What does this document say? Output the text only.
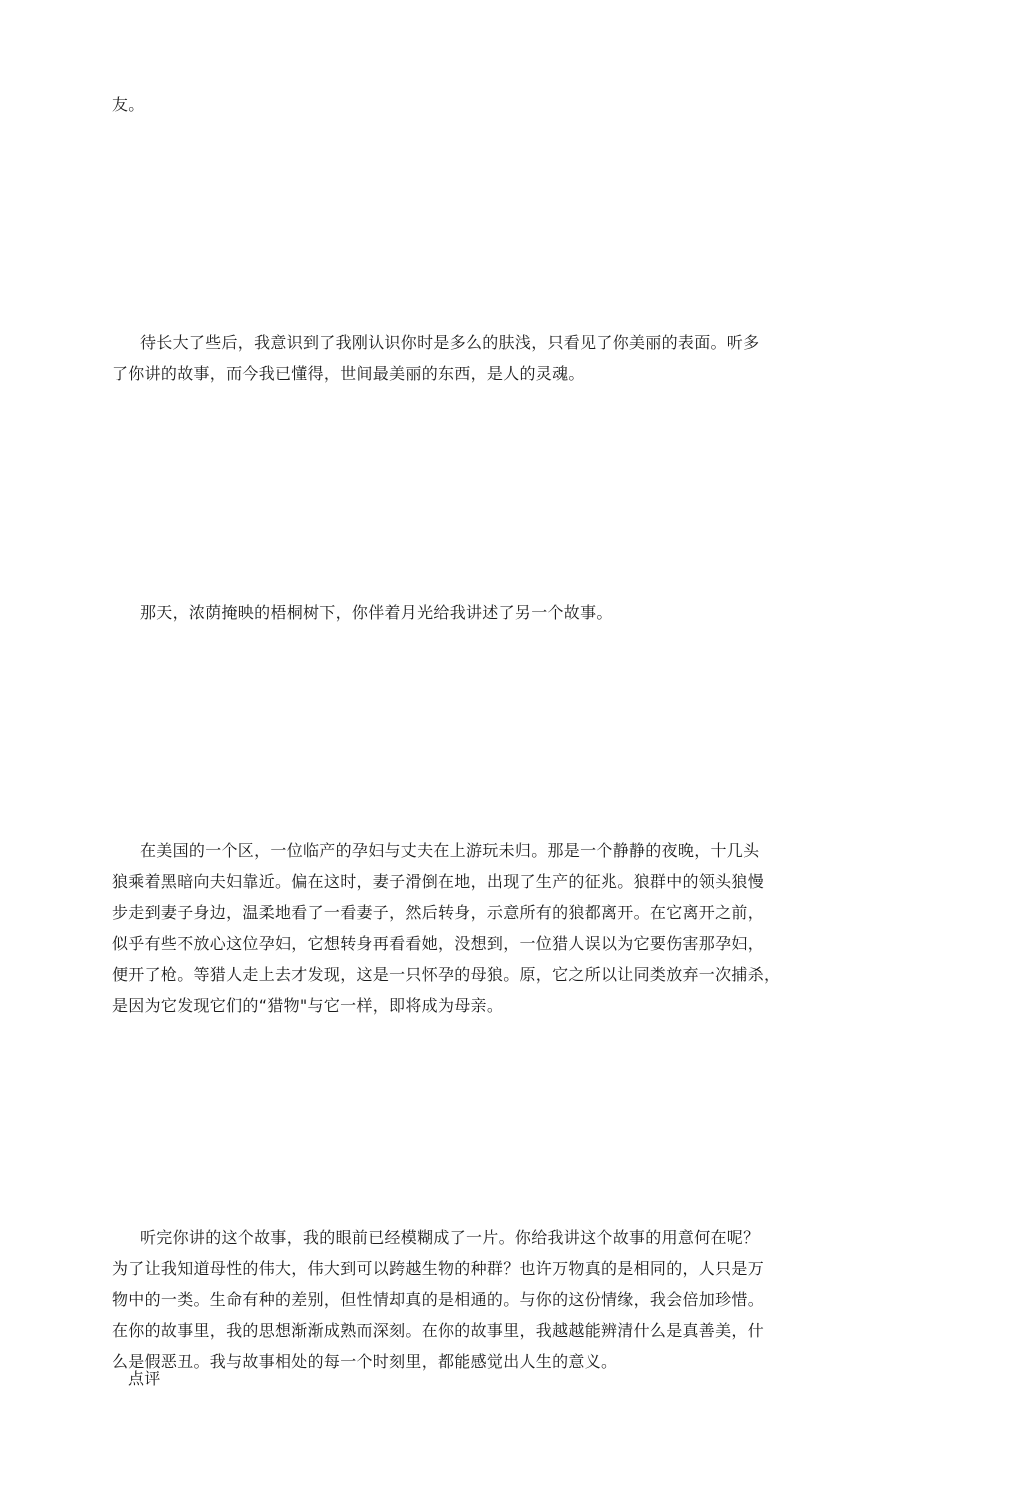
友。
待长大了些后，我意识到了我刚认识你时是多么的肤浅，只看见了你美丽的表面。听多
了你讲的故事，而今我已懂得，世间最美丽的东西，是人的灵魂。
那天，浓荫掩映的梧桐树下，你伴着月光给我讲述了另一个故事。
在美国的一个区，一位临产的孕妇与丈夫在上游玩未归。那是一个静静的夜晚，十几头
狼乘着黑暗向夫妇靠近。偏在这时，妻子滑倒在地，出现了生产的征兆。狼群中的领头狼慢
步走到妻子身边，温柔地看了一看妻子，然后转身，示意所有的狼都离开。在它离开之前，
似乎有些不放心这位孕妇，它想转身再看看她，没想到，一位猎人误以为它要伤害那孕妇，
便开了枪。等猎人走上去才发现，这是一只怀孕的母狼。原，它之所以让同类放弃一次捕杀，
是因为它发现它们的“猎物"与它一样，即将成为母亲。
听完你讲的这个故事，我的眼前已经模糊成了一片。你给我讲这个故事的用意何在呢？
为了让我知道母性的伟大，伟大到可以跨越生物的种群？也许万物真的是相同的，人只是万
物中的一类。生命有种的差别，但性情却真的是相通的。与你的这份情缘，我会倍加珍惜。
在你的故事里，我的思想渐渐成熟而深刻。在你的故事里，我越越能辨清什么是真善美，什
么是假恶丑。我与故事相处的每一个时刻里，都能感觉出人生的意义。
点评
